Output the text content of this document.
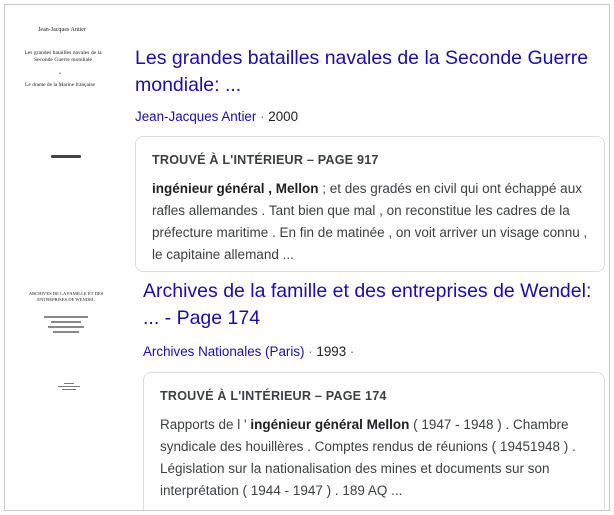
Jean-Jacques Antier
Les grandes batailles navales de la Seconde Guerre mondiale
•
Le drame de la Marine française
Les grandes batailles navales de la Seconde Guerre mondiale: ...
Jean-Jacques Antier · 2000
TROUVÉ À L'INTÉRIEUR – PAGE 917
ingénieur général , Mellon ; et des gradés en civil qui ont échappé aux rafles allemandes . Tant bien que mal , on reconstitue les cadres de la préfecture maritime . En fin de matinée , on voit arriver un visage connu , le capitaine allemand ...
ARCHIVES DE LA FAMILLE ET DES ENTREPRISES DE WENDEL	Archives de la famille et des entreprises de Wendel: ... - Page 174
Archives Nationales (Paris) · 1993 ·
TROUVÉ À L'INTÉRIEUR – PAGE 174
Rapports de l ' ingénieur général Mellon ( 1947 - 1948 ) . Chambre syndicale des houillères . Comptes rendus de réunions ( 19451948 ) . Législation sur la nationalisation des mines et documents sur son interprétation ( 1944 - 1947 ) . 189 AQ ...
